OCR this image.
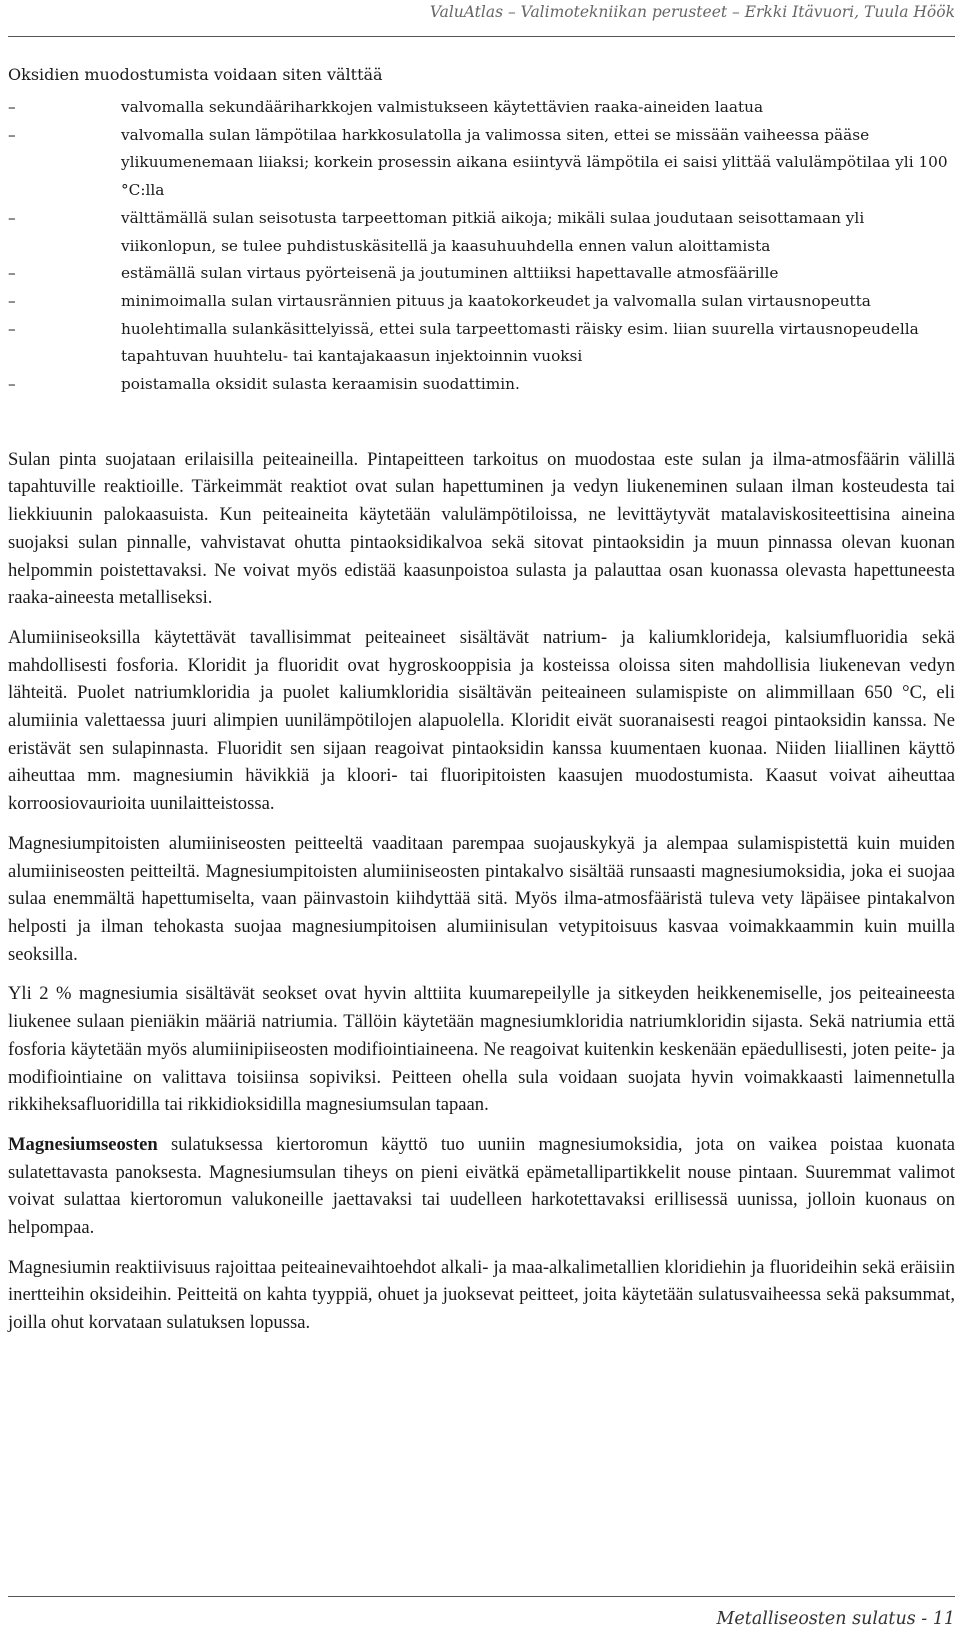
ValuAtlas – Valimotekniikan perusteet – Erkki Itävuori, Tuula Höök
Oksidien muodostumista voidaan siten välttää
–	valvomalla sekundääriharkkojen valmistukseen käytettävien raaka-aineiden laatua
–	valvomalla sulan lämpötilaa harkkosulatolla ja valimossa siten, ettei se missään vaiheessa pääse ylikuumenemaan liiaksi; korkein prosessin aikana esiintyvä lämpötila ei saisi ylittää valulämpötilaa yli 100 °C:lla
–	välttämällä sulan seisotusta tarpeettoman pitkiä aikoja; mikäli sulaa joudutaan seisottamaan yli viikonlopun, se tulee puhdistuskäsitellä ja kaasuhuuhdella ennen valun aloittamista
–	estämällä sulan virtaus pyörteisenä ja joutuminen alttiiksi hapettavalle atmosfäärille
–	minimoimalla sulan virtausrännien pituus ja kaatokorkeudet ja valvomalla sulan virtausnopeutta
–	huolehtimalla sulankäsittelyissä, ettei sula tarpeettomasti räisky esim. liian suurella virtausnopeudella tapahtuvan huuhtelu- tai kantajakaasun injektoinnin vuoksi
–	poistamalla oksidit sulasta keraamisin suodattimin.

Sulan pinta suojataan erilaisilla peiteaineilla. Pintapeitteen tarkoitus on muodostaa este sulan ja ilma-atmosfäärin välillä tapahtuville reaktioille. Tärkeimmät reaktiot ovat sulan hapettuminen ja vedyn liukeneminen sulaan ilman kosteudesta tai liekkiuunin palokaasuista. Kun peiteaineita käytetään valulämpötiloissa, ne levittäytyvät matalaviskositeettisina aineina suojaksi sulan pinnalle, vahvistavat ohutta pintaoksidikalvoa sekä sitovat pintaoksidin ja muun pinnassa olevan kuonan helpommin poistettavaksi. Ne voivat myös edistää kaasunpoistoa sulasta ja palauttaa osan kuonassa olevasta hapettuneesta raaka-aineesta metalliseksi.

Alumiiniseoksilla käytettävät tavallisimmat peiteaineet sisältävät natrium- ja kaliumkloridejа, kalsiumfluoridia sekä mahdollisesti fosforia. Kloridit ja fluoridit ovat hygroskooppisia ja kosteissa oloissa siten mahdollisia liukenevan vedyn lähteitä. Puolet natriumkloridia ja puolet kaliumkloridia sisältävän peiteaineen sulamispiste on alimmillaan 650 °C, eli alumiinia valettaessa juuri alimpien uunilämpötilojen alapuolella. Kloridit eivät suoranaisesti reagoi pintaoksidin kanssa. Ne eristävät sen sulapinnasta. Fluoridit sen sijaan reagoivat pintaoksidin kanssa kuumentaen kuonaa. Niiden liiallinen käyttö aiheuttaa mm. magnesiumin hävikkiä ja kloori- tai fluoripitoisten kaasujen muodostumista. Kaasut voivat aiheuttaa korroosiovaurioita uunilaitteistossa.

Magnesiumpitoisten alumiiniseosten peitteeltä vaaditaan parempaa suojauskykyä ja alempaa sulamispistettä kuin muiden alumiiniseosten peitteiltä. Magnesiumpitoisten alumiiniseosten pintakalvo sisältää runsaasti magnesiumoksidia, joka ei suojaa sulaa enemmältä hapettumiselta, vaan päinvastoin kiihdyttää sitä. Myös ilma-atmosfääristä tuleva vety läpäisee pintakalvon helposti ja ilman tehokasta suojaa magnesiumpitoisen alumiinisulan vetypitoisuus kasvaa voimakkaammin kuin muilla seoksilla.

Yli 2 % magnesiumia sisältävät seokset ovat hyvin alttiita kuumarepeilylle ja sitkeyden heikkenemiselle, jos peiteaineesta liukenee sulaan pieniäkin määriä natriumia. Tällöin käytetään magnesiumkloridia natriumkloridin sijasta. Sekä natriumia että fosforia käytetään myös alumiinipiiseosten modifiointiaineena. Ne reagoivat kuitenkin keskenään epäedullisesti, joten peite- ja modifiointiaine on valittava toisiinsa sopiviksi. Peitteen ohella sula voidaan suojata hyvin voimakkaasti laimennetulla rikkiheksafluoridilla tai rikkidioksidilla magnesiumsulan tapaan.

Magnesiumseosten sulatuksessa kiertoromun käyttö tuo uuniin magnesiumoksidia, jota on vaikea poistaa kuonata sulatettavasta panoksesta. Magnesiumsulan tiheys on pieni eivätkä epämetallipartikkelit nouse pintaan. Suuremmat valimot voivat sulattaa kiertoromun valukoneille jaettavaksi tai uudelleen harkotettavaksi erillisessä uunissa, jolloin kuonaus on helpompaa.

Magnesiumin reaktiivisuus rajoittaa peiteainevaihtoehdot alkali- ja maa-alkalimetallien kloridiehin ja fluorideihin sekä eräisiin inertteihin oksideihin. Peitteitä on kahta tyyppiä, ohuet ja juoksevat peitteet, joita käytetään sulatusvaiheessa sekä paksummat, joilla ohut korvataan sulatuksen lopussa.

Metalliseosten sulatus - 11
